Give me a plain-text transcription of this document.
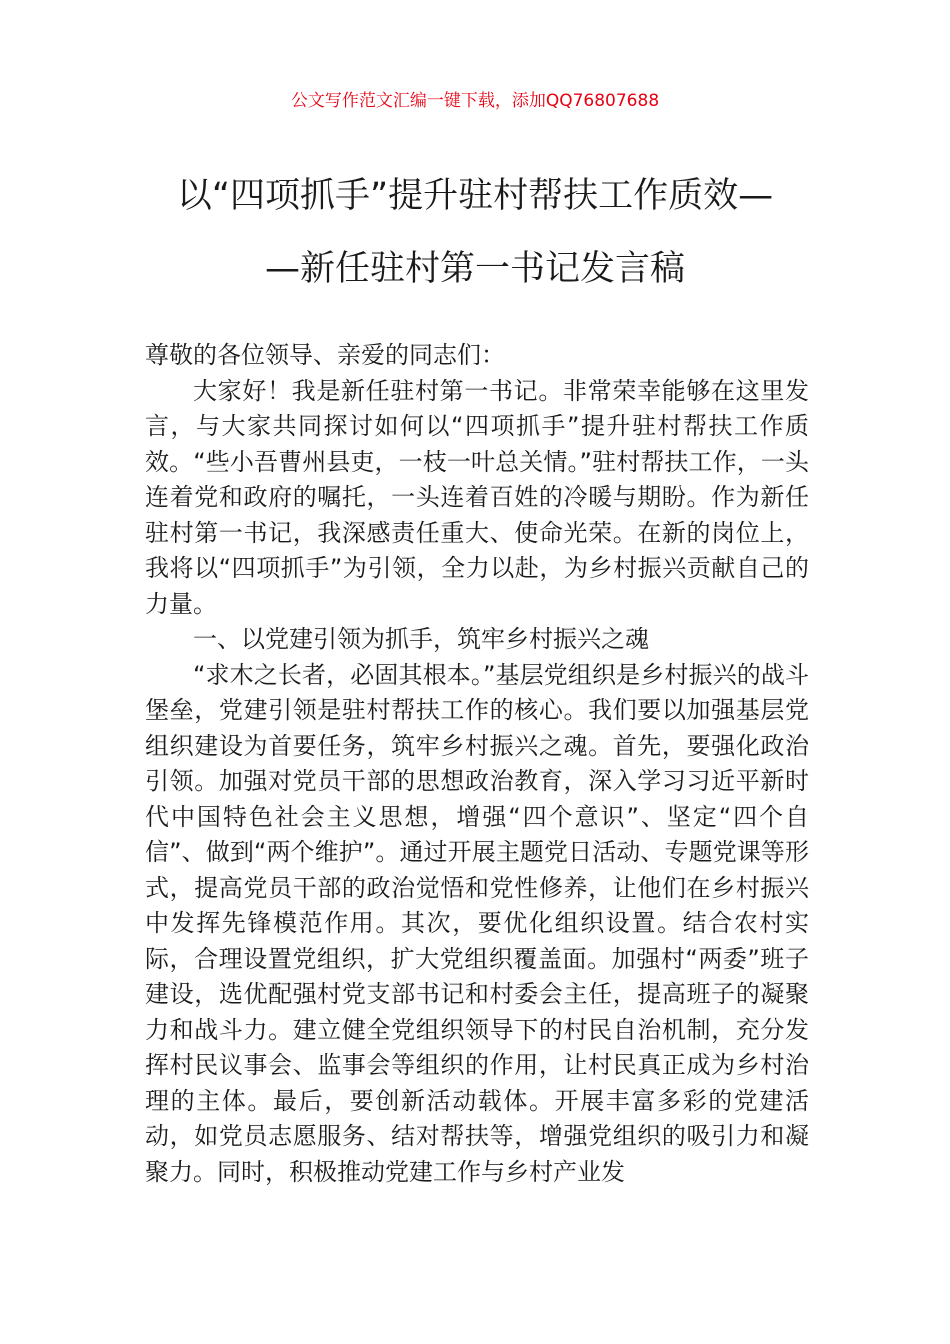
公文写作范文汇编一键下载，添加QQ76807688
以“四项抓手”提升驻村帮扶工作质效—
—新任驻村第一书记发言稿

尊敬的各位领导、亲爱的同志们：

大家好！我是新任驻村第一书记。非常荣幸能够在这里发言，与大家共同探讨如何以“四项抓手”提升驻村帮扶工作质效。“些小吾曹州县吏，一枝一叶总关情。”驻村帮扶工作，一头连着党和政府的嘱托，一头连着百姓的冷暖与期盼。作为新任驻村第一书记，我深感责任重大、使命光荣。在新的岗位上，我将以“四项抓手”为引领，全力以赴，为乡村振兴贡献自己的力量。

一、以党建引领为抓手，筑牢乡村振兴之魂

“求木之长者，必固其根本。”基层党组织是乡村振兴的战斗堡垒，党建引领是驻村帮扶工作的核心。我们要以加强基层党组织建设为首要任务，筑牢乡村振兴之魂。首先，要强化政治引领。加强对党员干部的思想政治教育，深入学习习近平新时代中国特色社会主义思想，增强“四个意识”、坚定“四个自信”、做到“两个维护”。通过开展主题党日活动、专题党课等形式，提高党员干部的政治觉悟和党性修养，让他们在乡村振兴中发挥先锋模范作用。其次，要优化组织设置。结合农村实际，合理设置党组织，扩大党组织覆盖面。加强村“两委”班子建设，选优配强村党支部书记和村委会主任，提高班子的凝聚力和战斗力。建立健全党组织领导下的村民自治机制，充分发挥村民议事会、监事会等组织的作用，让村民真正成为乡村治理的主体。最后，要创新活动载体。开展丰富多彩的党建活动，如党员志愿服务、结对帮扶等，增强党组织的吸引力和凝聚力。同时，积极推动党建工作与乡村产业发
